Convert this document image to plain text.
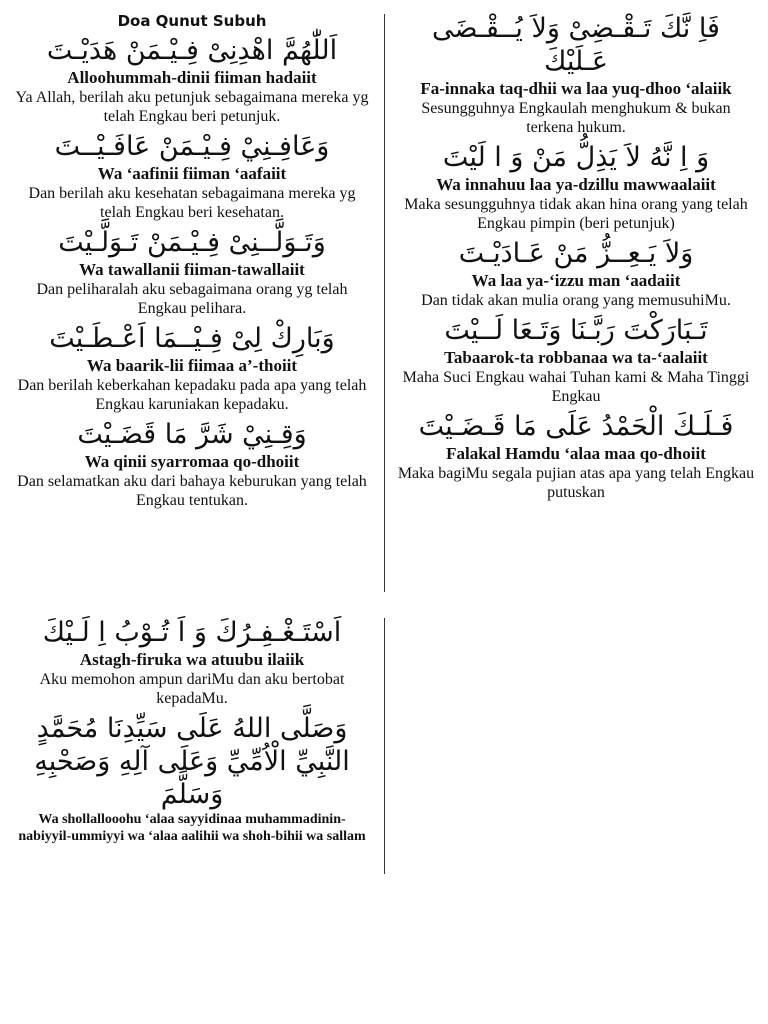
Doa Qunut Subuh
اَللّٰهُمَّ اهْدِنِىْ فِـيْـمَنْ هَدَيْـتَ
Alloohummah-dinii fiiman hadaiit
Ya Allah, berilah aku petunjuk sebagaimana mereka yg telah Engkau beri petunjuk.
وَعَافِـنِيْ فِـيْـمَنْ عَافَـيْــتَ
Wa ‘aafinii fiiman ‘aafaiit
Dan berilah aku kesehatan sebagaimana mereka yg telah Engkau beri kesehatan.
وَتَـوَلَّــنِىْ فِـيْـمَنْ تَـوَلَّـيْتَ
Wa tawallanii fiiman-tawallaiit
Dan peliharalah aku sebagaimana orang yg telah Engkau pelihara.
وَبَارِكْ لِىْ فِـيْــمَا اَعْـطَـيْتَ
Wa baarik-lii fiimaa a’-thoiit
Dan berilah keberkahan kepadaku pada apa yang telah Engkau karuniakan kepadaku.
وَقِـنِيْ شَرَّ مَا قَضَـيْتَ
Wa qinii syarromaa qo-dhoiit
Dan selamatkan aku dari bahaya keburukan yang telah Engkau tentukan.
فَاِ نَّكَ تَـقْـضِىْ وَلاَ يُــقْـضَى عَـلَيْكَ
Fa-innaka taq-dhii wa laa yuq-dhoo ‘alaiik
Sesungguhnya Engkaulah menghukum & bukan terkena hukum.
وَ اِ نَّهُ لاَ يَذِلُّ مَنْ وَ ا لَيْتَ
Wa innahuu laa ya-dzillu mawwaalaiit
Maka sesungguhnya tidak akan hina orang yang telah Engkau pimpin (beri petunjuk)
وَلاَ يَـعِــزُّ مَنْ عَـادَيْـتَ
Wa laa ya-‘izzu man ‘aadaiit
Dan tidak akan mulia orang yang memusuhiMu.
تَـبَارَكْتَ رَبَّـنَا وَتَـعَا لَــيْتَ
Tabaarok-ta robbanaa wa ta-‘aalaiit
Maha Suci Engkau wahai Tuhan kami & Maha Tinggi Engkau
فَـلَـكَ الْحَمْدُ عَلَى مَا قَـضَـيْتَ
Falakal Hamdu ‘alaa maa qo-dhoiit
Maka bagiMu segala pujian atas apa yang telah Engkau putuskan
اَسْتَـغْـفِـرُكَ وَ اَ تُـوْبُ اِ لَـيْكَ
Astagh-firuka wa atuubu ilaiik
Aku memohon ampun dariMu dan aku bertobat kepadaMu.
وَصَلَّى اللهُ عَلَى سَيِّدِنَا مُحَمَّدٍ النَّبِيِّ الْاُمِّيِّ وَعَلَى آلِهِ وَصَحْبِهِ وَسَلَّمَ
Wa shollallooohu ‘alaa sayyidinaa muhammadinin-nabiyyil-ummiyyi wa ‘alaa aalihii wa shoh-bihii wa sallam
